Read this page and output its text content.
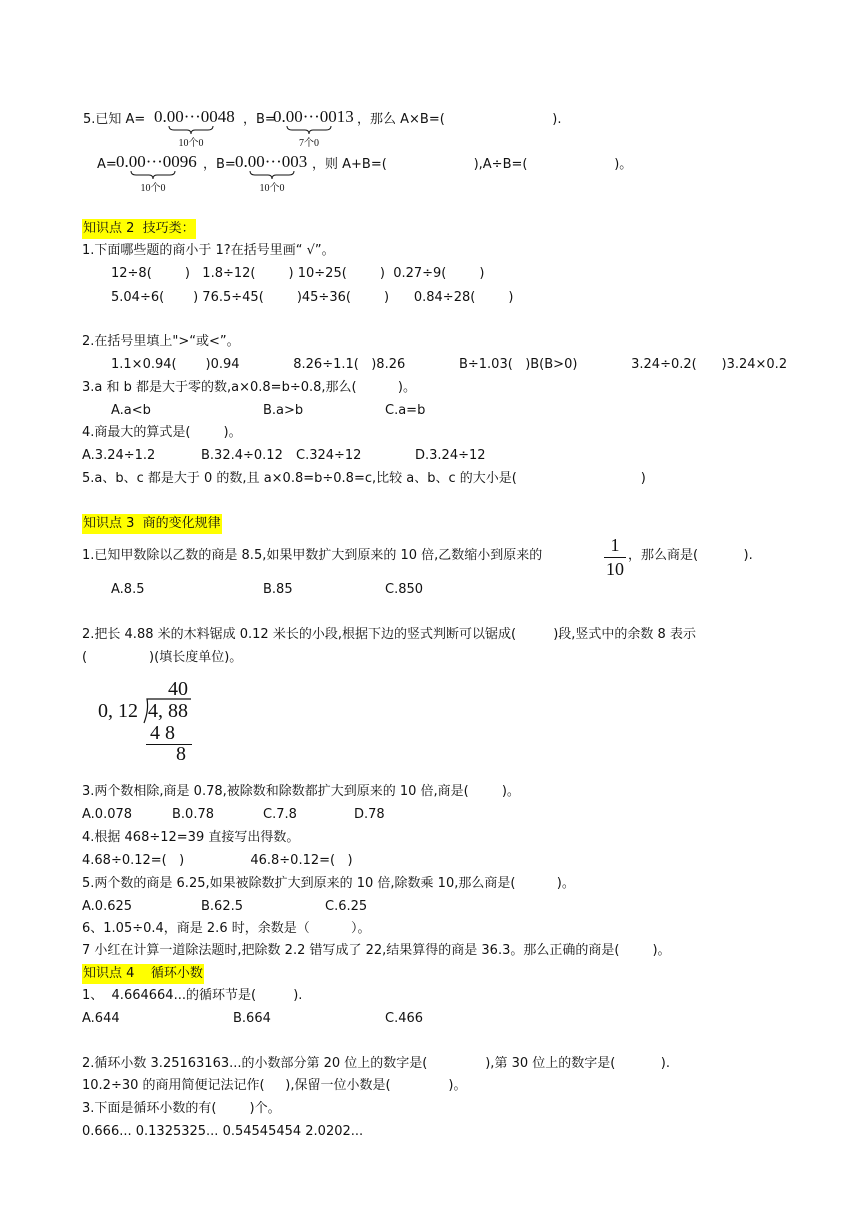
5.已知 A= 0.00···0048
10个0
，B=
0.00···0013
7个0
，那么 A×B=(                          ).
A= 0.00···0096
10个0
，B= 0.00···003
10个0
，则 A+B=(                     ),A÷B=(                     )。
知识点 2  技巧类：
1.下面哪些题的商小于 1?在括号里画“ √”。
12÷8(        )   1.8÷12(        ) 10÷25(        )  0.27÷9(        )
5.04÷6(       ) 76.5÷45(        )45÷36(        )      0.84÷28(        )
2.在括号里填上">“或<”。
1.1×0.94(       )0.94             8.26÷1.1(   )8.26             B÷1.03(   )B(B>0)             3.24÷0.2(      )3.24×0.2
3.a 和 b 都是大于零的数,a×0.8=b÷0.8,那么(          )。
A.a<b	B.a>b	C.a=b
4.商最大的算式是(        )。
A.3.24÷1.2	B.32.4÷0.12 C.324÷12	D.3.24÷12
5.a、b、c 都是大于 0 的数,且 a×0.8=b÷0.8=c,比较 a、b、c 的大小是(                              )
知识点 3  商的变化规律
1.已知甲数除以乙数的商是 8.5,如果甲数扩大到原来的 10 倍,乙数缩小到原来的
1
10
，那么商是(           ).
A.8.5	B.85	C.850
2.把长 4.88 米的木料锯成 0.12 米长的小段,根据下边的竖式判断可以锯成(         )段,竖式中的余数 8 表示
(               )(填长度单位)。
40
0, 12 4, 88
4 8
8
3.两个数相除,商是 0.78,被除数和除数都扩大到原来的 10 倍,商是(        )。
A.0.078	B.0.78	C.7.8	D.78
4.根据 468÷12=39 直接写出得数。
4.68÷0.12=(   )                46.8÷0.12=(   )
5.两个数的商是 6.25,如果被除数扩大到原来的 10 倍,除数乘 10,那么商是(          )。
A.0.625	B.62.5	C.6.25
6、1.05÷0.4，商是 2.6 时，余数是（          ）。
7 小红在计算一道除法题时,把除数 2.2 错写成了 22,结果算得的商是 36.3。那么正确的商是(        )。
知识点 4    循环小数
1、  4.664664...的循环节是(         ).
A.644	B.664	C.466
2.循环小数 3.25163163...的小数部分第 20 位上的数字是(              ),第 30 位上的数字是(           ).
10.2÷30 的商用简便记法记作(     ),保留一位小数是(              )。
3.下面是循环小数的有(        )个。
0.666... 0.1325325... 0.54545454 2.0202...
